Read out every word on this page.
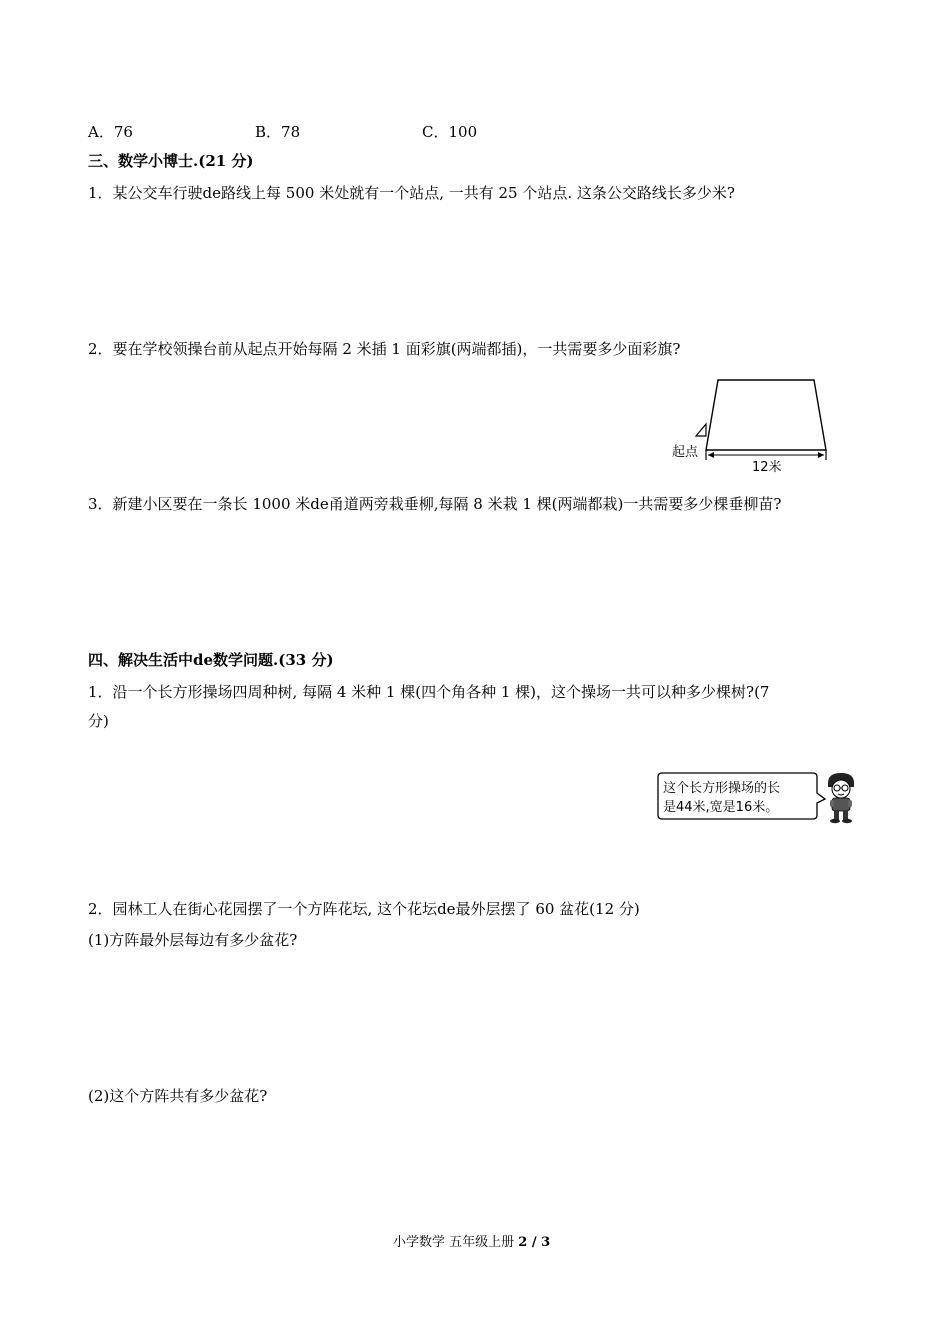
A．76	B．78	C．100
三、数学小博士.(21 分)
1．某公交车行驶de路线上每 500 米处就有一个站点, 一共有 25 个站点. 这条公交路线长多少米?
2．要在学校领操台前从起点开始每隔 2 米插 1 面彩旗(两端都插)，一共需要多少面彩旗?
起点
12米
3．新建小区要在一条长 1000 米de甬道两旁栽垂柳,每隔 8 米栽 1 棵(两端都栽)一共需要多少棵垂柳苗?
四、解决生活中de数学问题.(33 分)
1．沿一个长方形操场四周种树, 每隔 4 米种 1 棵(四个角各种 1 棵)，这个操场一共可以种多少棵树?(7
分)
这个长方形操场的长
是44米,宽是16米。
2．园林工人在街心花园摆了一个方阵花坛, 这个花坛de最外层摆了 60 盆花(12 分)
(1)方阵最外层每边有多少盆花?
(2)这个方阵共有多少盆花?
小学数学 五年级上册 2 / 3
